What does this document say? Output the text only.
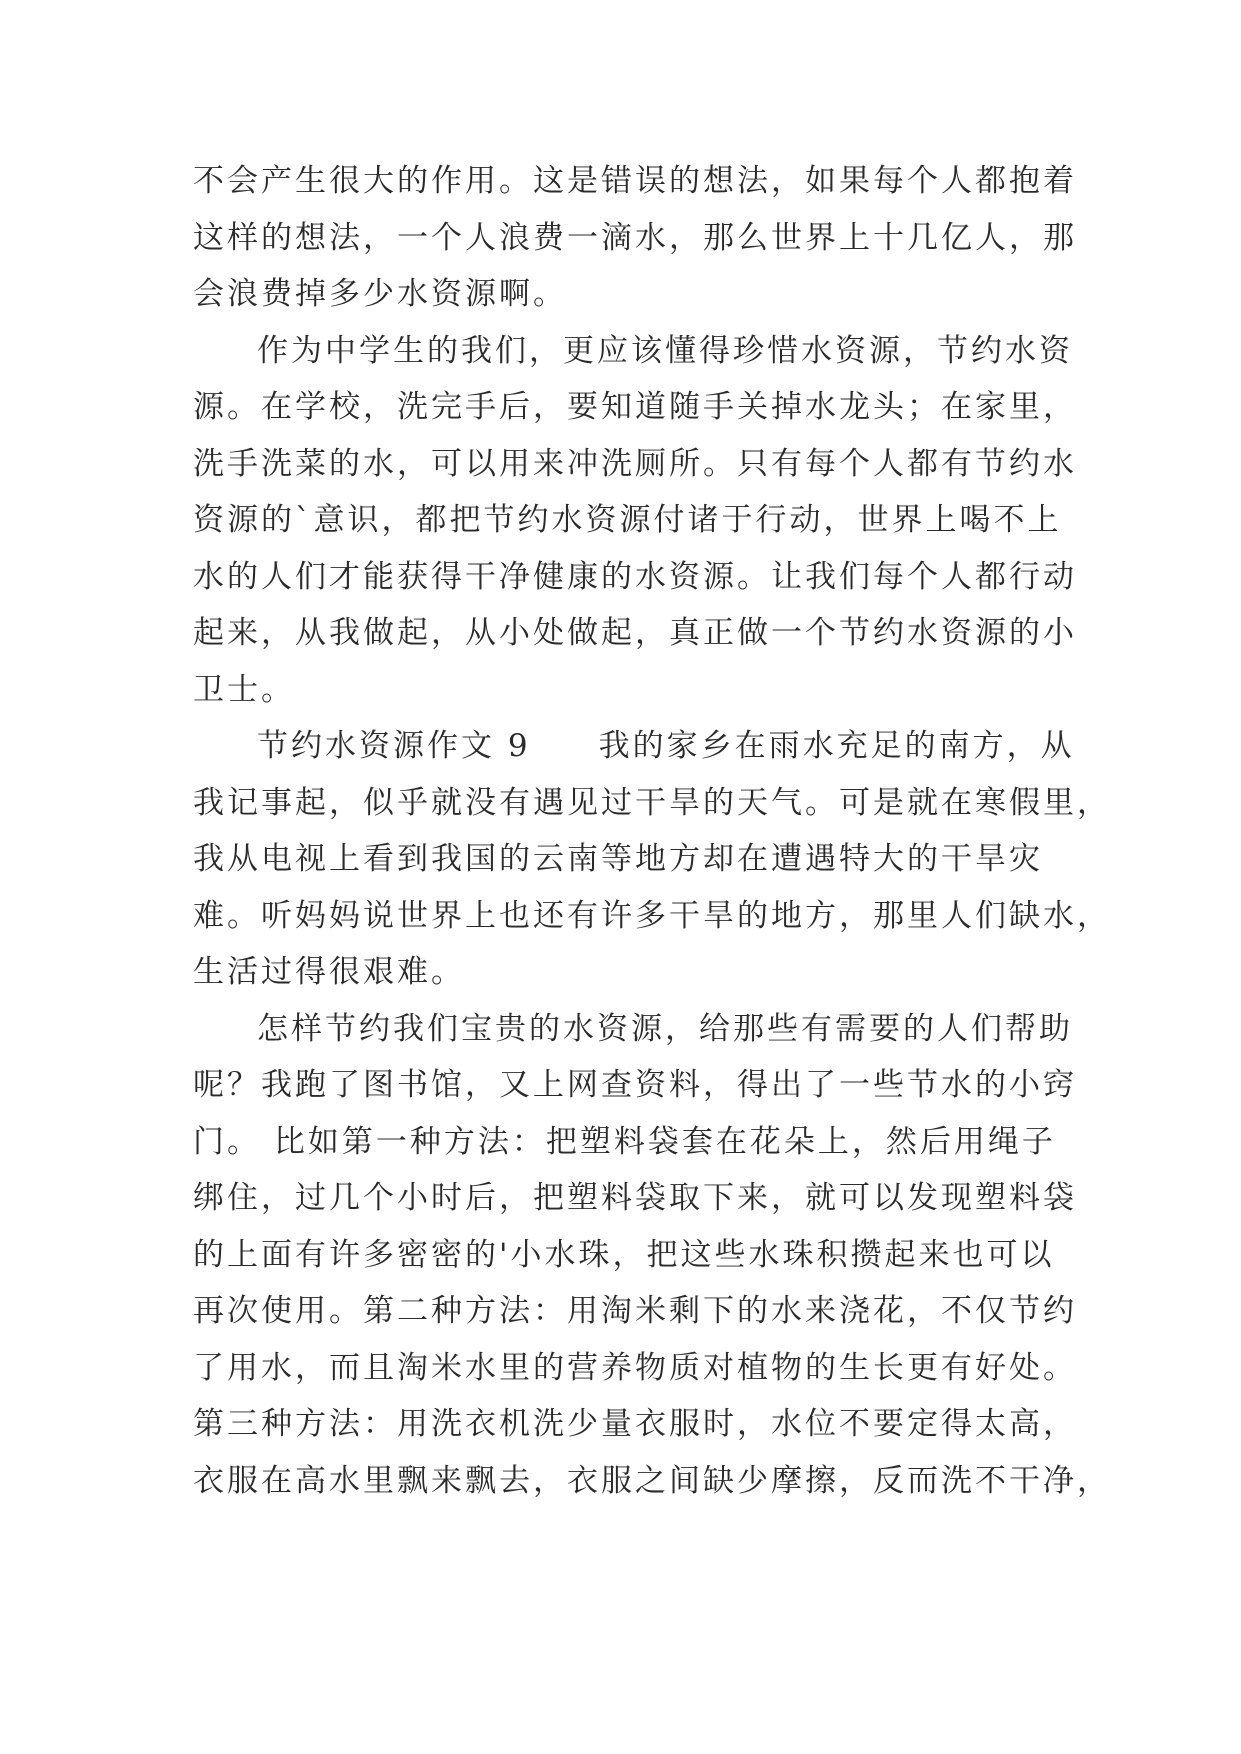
不会产生很大的作用。这是错误的想法，如果每个人都抱着
这样的想法，一个人浪费一滴水，那么世界上十几亿人，那
会浪费掉多少水资源啊。
作为中学生的我们，更应该懂得珍惜水资源，节约水资
源。在学校，洗完手后，要知道随手关掉水龙头；在家里，
洗手洗菜的水，可以用来冲洗厕所。只有每个人都有节约水
资源的`意识，都把节约水资源付诸于行动，世界上喝不上
水的人们才能获得干净健康的水资源。让我们每个人都行动
起来，从我做起，从小处做起，真正做一个节约水资源的小
卫士。
节约水资源作文 9　　我的家乡在雨水充足的南方，从
我记事起，似乎就没有遇见过干旱的天气。可是就在寒假里，
我从电视上看到我国的云南等地方却在遭遇特大的干旱灾
难。听妈妈说世界上也还有许多干旱的地方，那里人们缺水，
生活过得很艰难。
怎样节约我们宝贵的水资源，给那些有需要的人们帮助
呢？我跑了图书馆，又上网查资料，得出了一些节水的小窍
门。 比如第一种方法：把塑料袋套在花朵上，然后用绳子
绑住，过几个小时后，把塑料袋取下来，就可以发现塑料袋
的上面有许多密密的'小水珠，把这些水珠积攒起来也可以
再次使用。第二种方法：用淘米剩下的水来浇花，不仅节约
了用水，而且淘米水里的营养物质对植物的生长更有好处。
第三种方法：用洗衣机洗少量衣服时，水位不要定得太高，
衣服在高水里飘来飘去，衣服之间缺少摩擦，反而洗不干净，
